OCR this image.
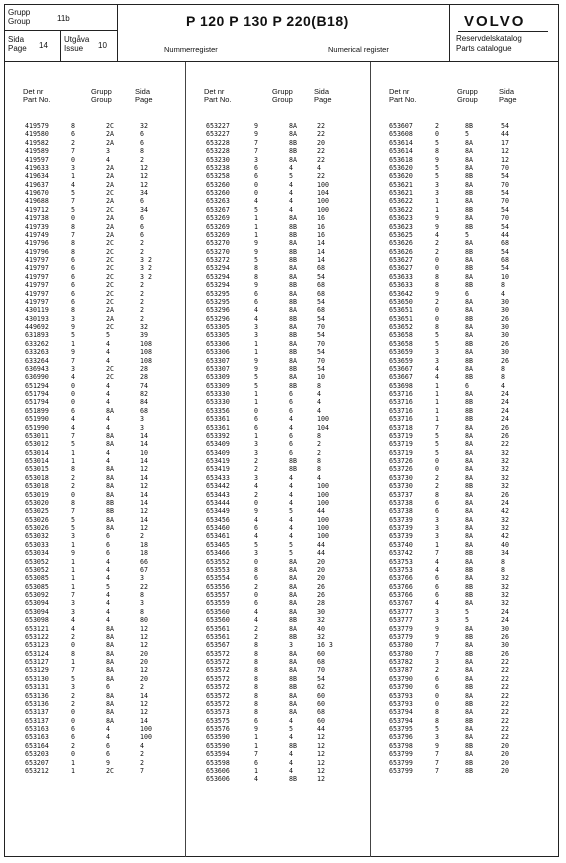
Grupp
Group	11b
Sida
Page 14
Utgåva
Issue	10
P 120 P 130 P 220(B18)
Nummerregister	Numerical register
VOLVO
Reservdelskatalog
Parts catalogue
Det nr
Part No.
Grupp
Group
Sida
Page
419579	8	2C	32
419580	6	2A	6
419582	2	2A	6
419589	7	3	8
419597	0	4	2
419633	3	2A	12
419634	1	2A	12
419637	4	2A	12
419670	5	2C	34
419688	7	2A	6
419712	5	2C	34
419738	0	2A	6
419739	8	2A	6
419749	7	2A	6
419796	8	2C	2
419796	8	2C	2
419797	6	2C	3 2
419797	6	2C	3 2
419797	6	2C	3 2
419797	6	2C	2
419797	6	2C	2
419797	6	2C	2
430119	8	2A	2
430193	3	2A	2
449692	9	2C	32
631893	5	5	39
633262	1	4	108
633263	9	4	108
633264	7	4	108
636943	3	2C	28
636990	4	2C	28
651294	0	4	74
651794	0	4	82
651794	0	4	84
651899	6	8A	68
651990	4	4	3
651990	4	4	3
653011	7	8A	14
653012	5	8A	14
653014	1	4	10
653014	1	4	14
653015	8	8A	12
653018	2	8A	14
653018	2	8A	12
653019	0	8A	14
653020	8	8B	14
653025	7	8B	12
653026	5	8A	14
653026	5	8A	12
653032	3	6	2
653033	1	6	18
653034	9	6	18
653052	1	4	66
653052	1	4	67
653085	1	4	3
653085	1	5	22
653092	7	4	8
653094	3	4	3
653094	3	4	8
653098	4	4	80
653121	4	8A	12
653122	2	8A	12
653123	0	8A	12
653124	8	8A	20
653127	1	8A	20
653129	7	8A	12
653130	5	8A	20
653131	3	6	2
653136	2	8A	14
653136	2	8A	12
653137	0	8A	12
653137	0	8A	14
653163	6	4	100
653163	6	4	100
653164	2	6	4
653203	0	6	2
653207	1	9	2
653212	1	2C	7
Det nr
Part No.
Grupp
Group
Sida
Page
653227	9	8A	22
653227	9	8A	22
653228	7	8B	20
653228	7	8B	22
653230	3	8A	22
653238	6	4	4
653258	6	5	22
653260	0	4	100
653260	0	4	104
653263	4	4	100
653267	5	4	100
653269	1	8A	16
653269	1	8B	16
653269	1	8B	16
653270	9	8A	14
653270	9	8B	14
653272	5	8B	14
653294	8	8A	68
653294	8	8A	54
653294	9	8B	68
653295	6	8A	68
653295	6	8B	54
653296	4	8A	68
653296	4	8B	54
653305	3	8A	70
653305	3	8B	54
653306	1	8A	70
653306	1	8B	54
653307	9	8A	70
653307	9	8B	54
653309	5	8A	10
653309	5	8B	8
653330	1	6	4
653330	1	6	4
653356	0	6	4
653361	6	4	100
653361	6	4	104
653392	1	6	8
653409	3	6	2
653409	3	6	2
653419	2	8B	8
653419	2	8B	8
653433	3	4	4
653442	4	4	100
653443	2	4	100
653444	0	4	100
653449	9	5	44
653456	4	4	100
653460	6	4	100
653461	4	4	100
653465	5	5	44
653466	3	5	44
653552	0	8A	20
653553	8	8A	20
653554	6	8A	20
653556	2	8A	26
653557	0	8A	26
653559	6	8A	28
653560	4	8A	30
653560	4	8B	32
653561	2	8A	40
653561	2	8B	32
653567	8	3	16 3
653572	8	8A	60
653572	8	8A	68
653572	8	8A	70
653572	8	8B	54
653572	8	8B	62
653572	8	8A	60
653572	8	8A	60
653573	8	8A	68
653575	6	4	60
653576	9	5	44
653590	1	4	12
653590	1	8B	12
653594	7	4	12
653598	6	4	12
653606	1	4	12
653606	4	8B	12
Det nr
Part No.
Grupp
Group
Sida
Page
653607	2	8B	54
653608	0	5	44
653614	5	8A	17
653614	8	8A	12
653618	9	8A	12
653620	5	8A	70
653620	5	8B	54
653621	3	8A	70
653621	3	8B	54
653622	1	8A	70
653622	1	8B	54
653623	9	8A	70
653623	9	8B	54
653625	4	5	44
653626	2	8A	68
653626	2	8B	54
653627	0	8A	68
653627	0	8B	54
653633	8	8A	10
653633	8	8B	8
653642	9	6	4
653650	2	8A	30
653651	0	8A	30
653651	0	8B	26
653652	8	8A	30
653658	5	8A	30
653658	5	8B	26
653659	3	8A	30
653659	3	8B	26
653667	4	8A	8
653667	4	8B	8
653698	1	6	4
653716	1	8A	24
653716	1	8B	24
653716	1	8B	24
653716	1	8B	24
653718	7	8A	26
653719	5	8A	26
653719	5	8A	22
653719	5	8A	32
653726	0	8A	32
653726	0	8A	32
653730	2	8A	32
653730	2	8B	32
653737	8	8A	26
653738	6	8A	24
653738	6	8A	42
653739	3	8A	32
653739	3	8A	32
653739	3	8A	42
653740	1	8A	40
653742	7	8B	34
653753	4	8A	8
653753	4	8B	8
653766	6	8A	32
653766	6	8B	32
653766	6	8B	32
653767	4	8A	32
653777	3	5	24
653777	3	5	24
653779	9	8A	30
653779	9	8B	26
653780	7	8A	30
653780	7	8B	26
653782	3	8A	22
653787	2	8A	22
653790	6	8A	22
653790	6	8B	22
653793	0	8A	22
653793	0	8B	22
653794	8	8A	22
653794	8	8B	22
653795	5	8A	22
653796	3	8A	22
653798	9	8B	20
653799	7	8A	20
653799	7	8B	20
653799	7	8B	20
